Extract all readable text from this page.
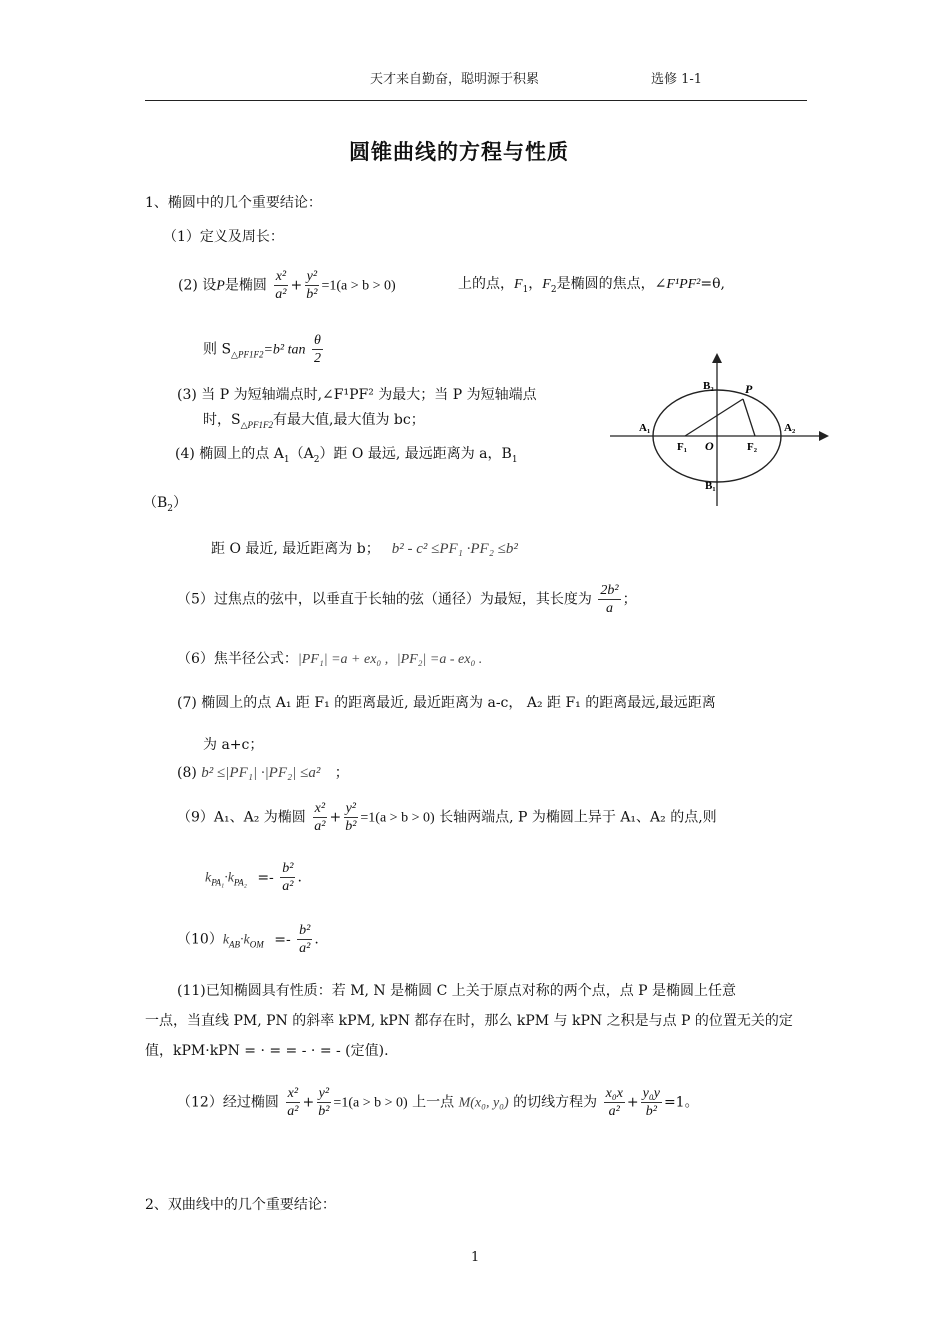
天才来自勤奋，聪明源于积累	选修 1-1
圆锥曲线的方程与性质
1、椭圆中的几个重要结论：
（1）定义及周长：
(2) 设P是椭圆 $\frac{\text{x²}}{\text{a²}} + \frac{\text{y²}}{\text{b²}} =1(a > b > 0)$	上的点，$F_1$，$F_2$是椭圆的焦点，∠F¹PF²=θ,
则 $S_{\triangle PF1F2}=b^2$ $\tan \frac{\theta}{2}$
(3) 当 P 为短轴端点时,∠F¹PF² 为最大；当 P 为短轴端点
时，$S_{\triangle PF1F2}$有最大值,最大值为 bc；
(4) 椭圆上的点 $A_1(A_2)$距 O 最远, 最远距离为 a，$B_1$
$(B_2)$
距 O 最近, 最近距离为 b； b² - c² ≤PF₁ ·PF₂ ≤b²
B₂	P
A₁	A₂
F₁ O	F₂
B₁
（5）过焦点的弦中，以垂直于长轴的弦（通径）为最短，其长度为 $\frac{\text{2b²}}{a}$ ；
（6）焦半径公式：|PF₁| =a + ex₀ , |PF₂| =a - ex₀ .
(7) 椭圆上的点 A₁ 距 F₁ 的距离最近, 最近距离为 a-c， A₂ 距 F₁ 的距离最远,最远距离
为 a+c；
(8) b² ≤|PF₁| ·|PF₂| ≤a² ；
（9）A₁、A₂ 为椭圆 $\frac{\text{x²}}{\text{a²}} + \frac{\text{y²}}{\text{b²}} =1(a > b > 0)$ 长轴两端点, P 为椭圆上异于 A₁、A₂ 的点,则
$k_{PA_1}\cdot k_{PA_2} =- \frac{\text{b²}}{\text{a²}}$ .
$(10)k_{AB}\cdot k_{OM} =- \frac{\text{b²}}{\text{a²}}$ .
(11)已知椭圆具有性质：若 M, N 是椭圆 C 上关于原点对称的两个点，点 P 是椭圆上任意
一点，当直线 PM, PN 的斜率 kPM, kPN 都存在时，那么 kPM 与 kPN 之积是与点 P 的位置无关的定
值，kPM·kPN = · = = - · = - (定值).
（12）经过椭圆 $\frac{\text{x²}}{\text{a²}} + \frac{\text{y²}}{\text{b²}} =1(a > b > 0)$ 上一点 M(x₀, y₀) 的切线方程为 $\frac{\text{x₀x}}{\text{a²}} + \frac{\text{y₀y}}{\text{b²}} =1$。
2、双曲线中的几个重要结论：
1
